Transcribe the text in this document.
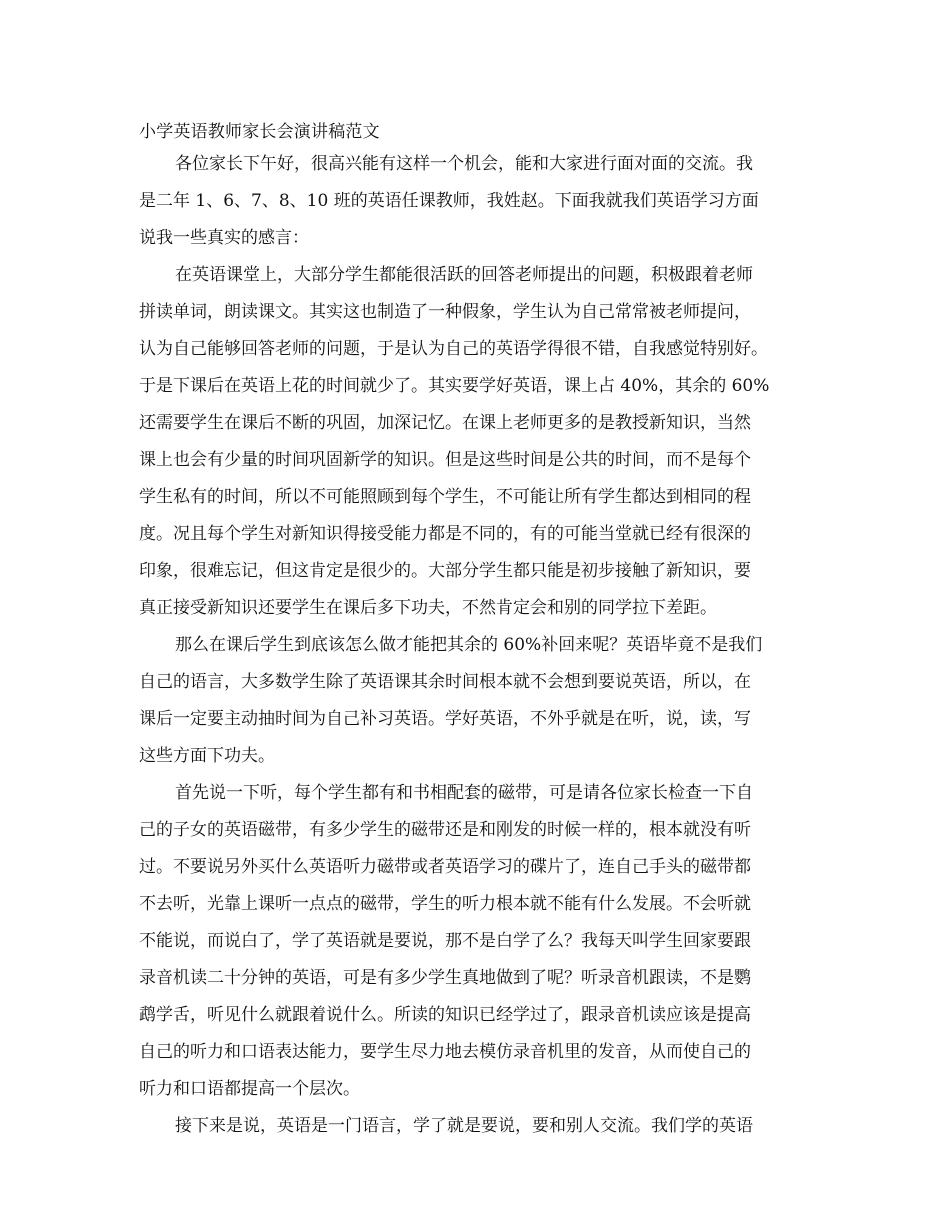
小学英语教师家长会演讲稿范文
各位家长下午好，很高兴能有这样一个机会，能和大家进行面对面的交流。我
是二年 1、6、7、8、10 班的英语任课教师，我姓赵。下面我就我们英语学习方面
说我一些真实的感言：
在英语课堂上，大部分学生都能很活跃的回答老师提出的问题，积极跟着老师
拼读单词，朗读课文。其实这也制造了一种假象，学生认为自己常常被老师提问，
认为自己能够回答老师的问题，于是认为自己的英语学得很不错，自我感觉特别好。
于是下课后在英语上花的时间就少了。其实要学好英语，课上占 40%，其余的 60%
还需要学生在课后不断的巩固，加深记忆。在课上老师更多的是教授新知识，当然
课上也会有少量的时间巩固新学的知识。但是这些时间是公共的时间，而不是每个
学生私有的时间，所以不可能照顾到每个学生，不可能让所有学生都达到相同的程
度。况且每个学生对新知识得接受能力都是不同的，有的可能当堂就已经有很深的
印象，很难忘记，但这肯定是很少的。大部分学生都只能是初步接触了新知识，要
真正接受新知识还要学生在课后多下功夫，不然肯定会和别的同学拉下差距。
那么在课后学生到底该怎么做才能把其余的 60%补回来呢？英语毕竟不是我们
自己的语言，大多数学生除了英语课其余时间根本就不会想到要说英语，所以，在
课后一定要主动抽时间为自己补习英语。学好英语，不外乎就是在听，说，读，写
这些方面下功夫。
首先说一下听，每个学生都有和书相配套的磁带，可是请各位家长检查一下自
己的子女的英语磁带，有多少学生的磁带还是和刚发的时候一样的，根本就没有听
过。不要说另外买什么英语听力磁带或者英语学习的碟片了，连自己手头的磁带都
不去听，光靠上课听一点点的磁带，学生的听力根本就不能有什么发展。不会听就
不能说，而说白了，学了英语就是要说，那不是白学了么？我每天叫学生回家要跟
录音机读二十分钟的英语，可是有多少学生真地做到了呢？听录音机跟读，不是鹦
鹉学舌，听见什么就跟着说什么。所读的知识已经学过了，跟录音机读应该是提高
自己的听力和口语表达能力，要学生尽力地去模仿录音机里的发音，从而使自己的
听力和口语都提高一个层次。
接下来是说，英语是一门语言，学了就是要说，要和别人交流。我们学的英语
